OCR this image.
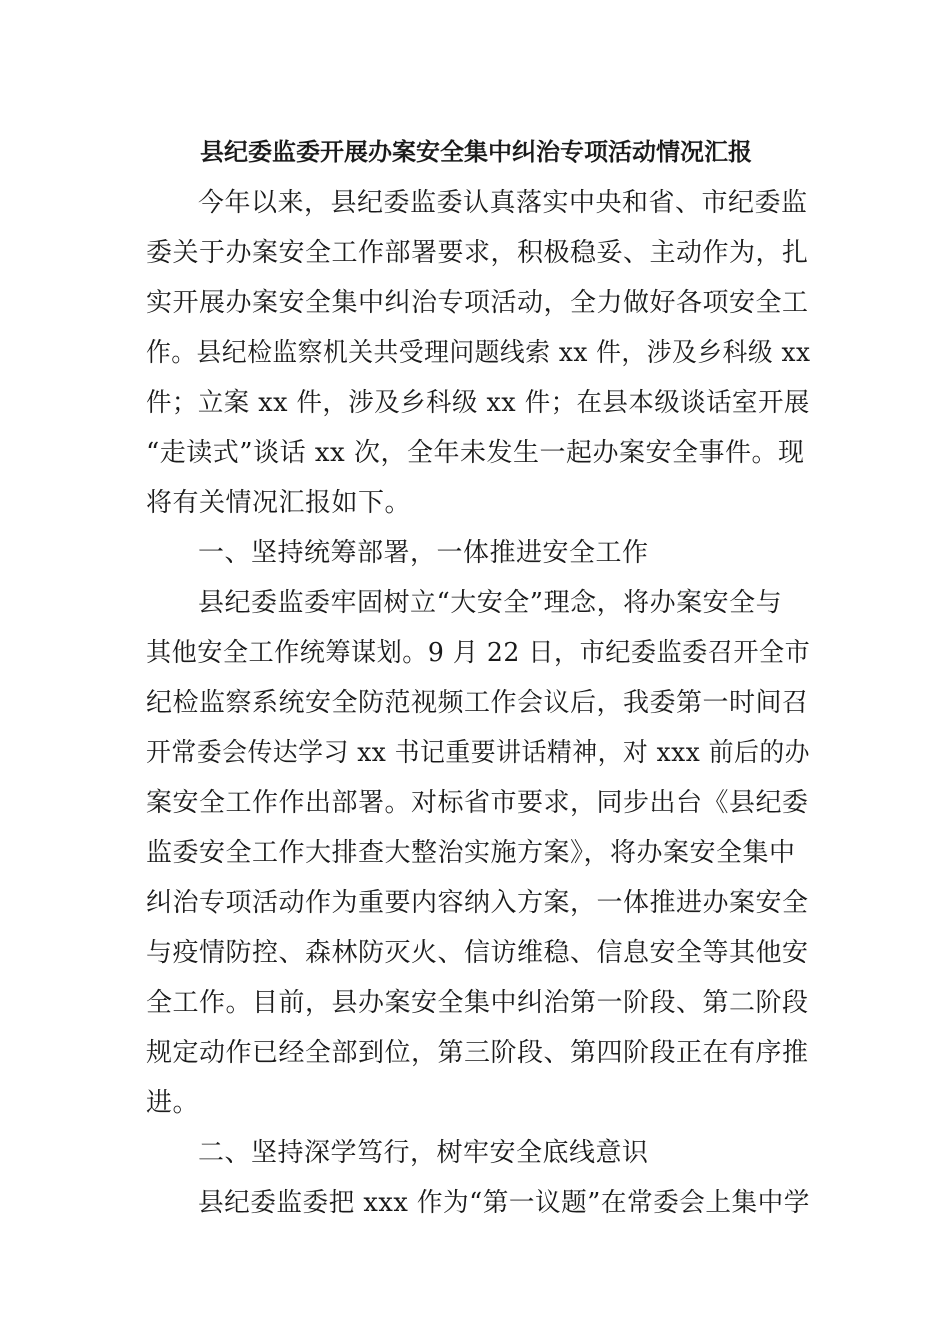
县纪委监委开展办案安全集中纠治专项活动情况汇报
今年以来，县纪委监委认真落实中央和省、市纪委监
委关于办案安全工作部署要求，积极稳妥、主动作为，扎
实开展办案安全集中纠治专项活动，全力做好各项安全工
作。县纪检监察机关共受理问题线索 xx 件，涉及乡科级 xx
件；立案 xx 件，涉及乡科级 xx 件；在县本级谈话室开展
“走读式”谈话 xx 次，全年未发生一起办案安全事件。现
将有关情况汇报如下。
一、坚持统筹部署，一体推进安全工作
县纪委监委牢固树立“大安全”理念，将办案安全与
其他安全工作统筹谋划。9 月 22 日，市纪委监委召开全市
纪检监察系统安全防范视频工作会议后，我委第一时间召
开常委会传达学习 xx 书记重要讲话精神，对 xxx 前后的办
案安全工作作出部署。对标省市要求，同步出台《县纪委
监委安全工作大排查大整治实施方案》，将办案安全集中
纠治专项活动作为重要内容纳入方案，一体推进办案安全
与疫情防控、森林防灭火、信访维稳、信息安全等其他安
全工作。目前，县办案安全集中纠治第一阶段、第二阶段
规定动作已经全部到位，第三阶段、第四阶段正在有序推
进。
二、坚持深学笃行，树牢安全底线意识
县纪委监委把 xxx 作为“第一议题”在常委会上集中学
